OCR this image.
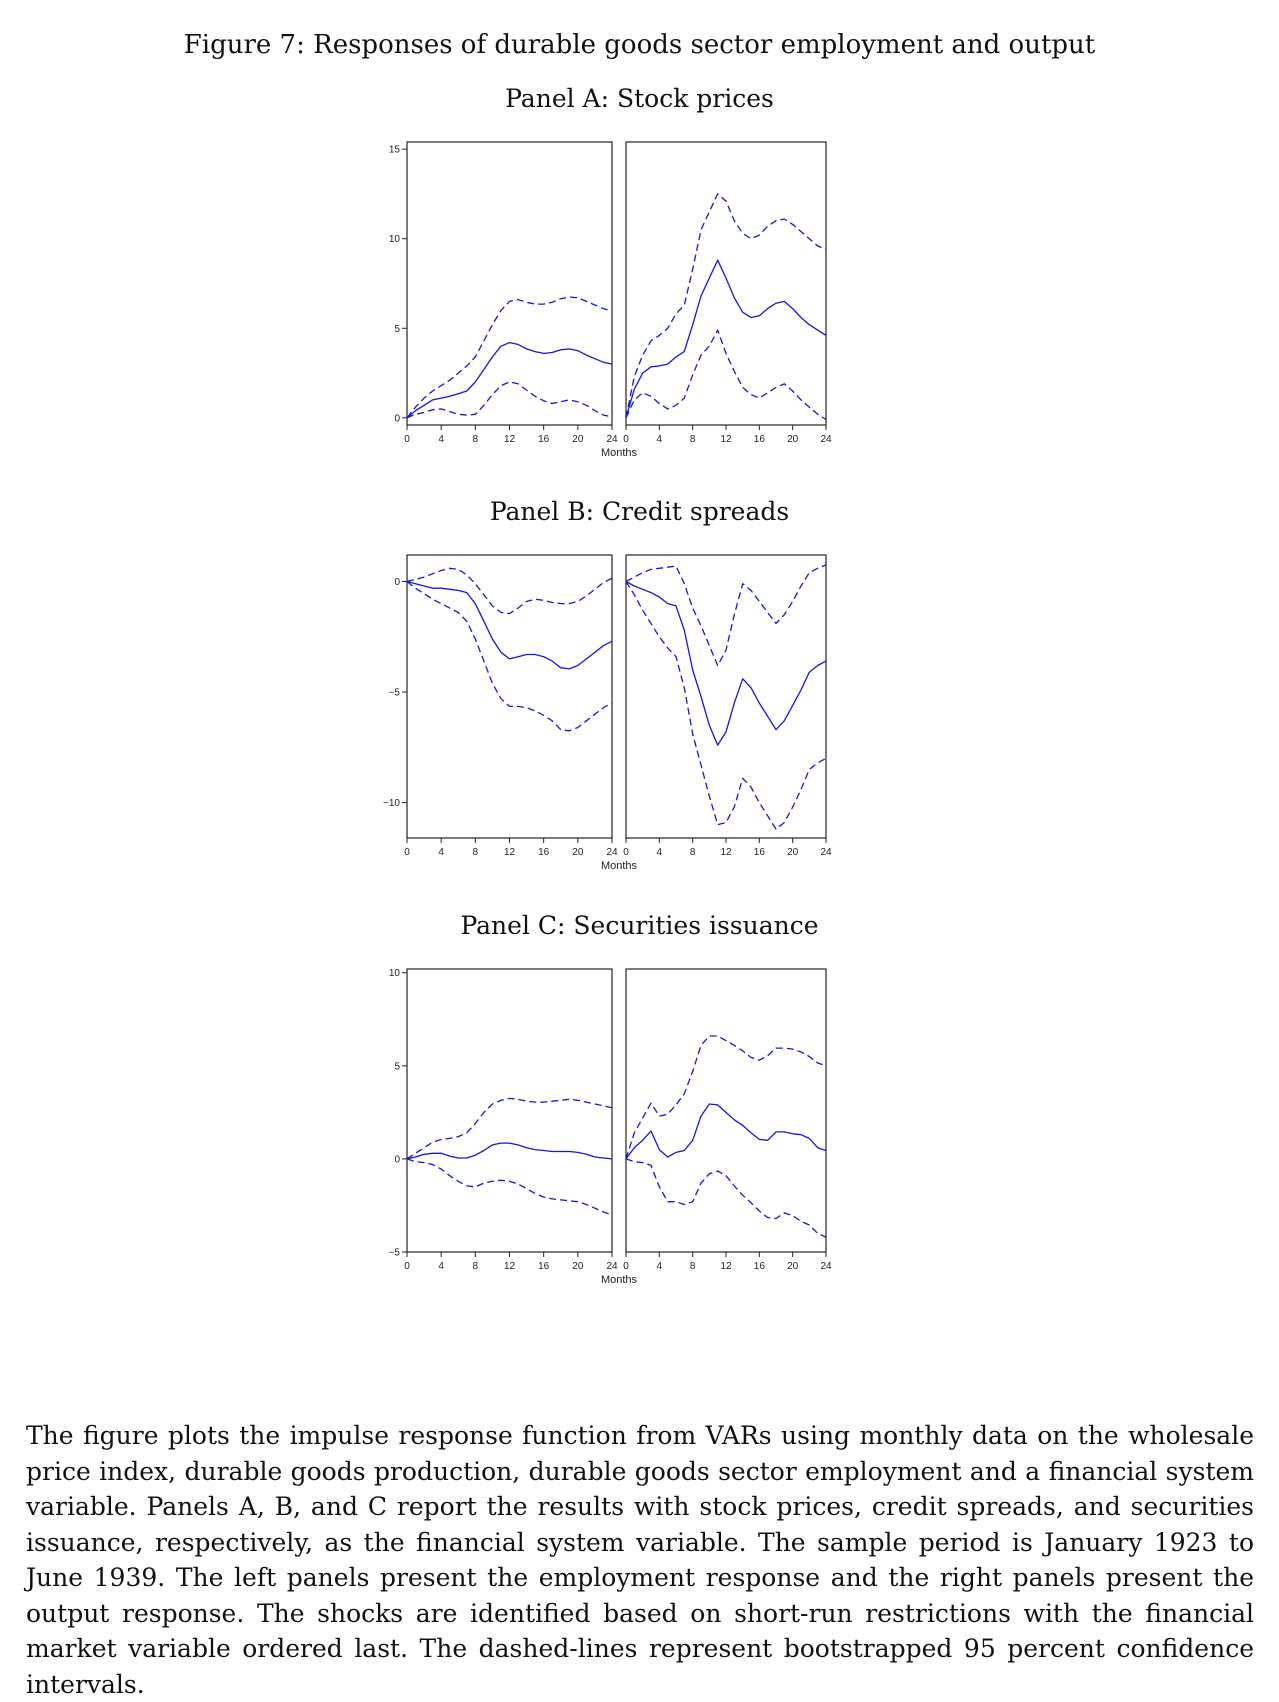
Figure 7: Responses of durable goods sector employment and output
Panel A: Stock prices
0	4	8	12 16 20 24
0
5
10
15
0	4	8 12 16 20 24
Months
Panel B: Credit spreads
0	4	8	12 16 20 24
−10
−5
0
0	4	8 12 16 20 24
Months
Panel C: Securities issuance
0	4	8	12 16 20 24
−5
0
5
10
0	4	8 12 16 20 24
Months

The figure plots the impulse response function from VARs using monthly data on the wholesale price index, durable goods production, durable goods sector employment and a financial system variable. Panels A, B, and C report the results with stock prices, credit spreads, and securities issuance, respectively, as the financial system variable. The sample period is January 1923 to June 1939. The left panels present the employment response and the right panels present the output response. The shocks are identified based on short-run restrictions with the financial market variable ordered last. The dashed-lines represent bootstrapped 95 percent confidence intervals.
